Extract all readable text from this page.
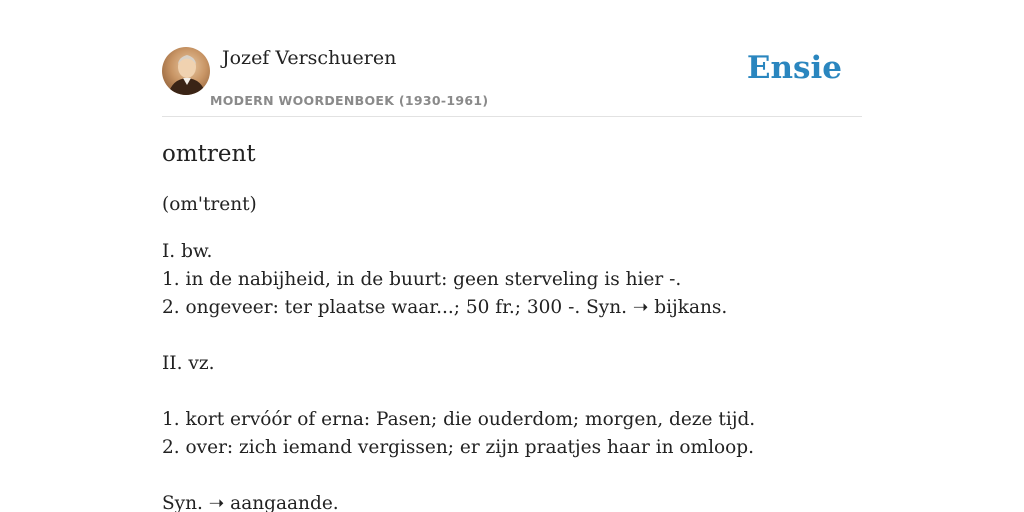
Jozef Verschueren
MODERN WOORDENBOEK (1930-1961)
Ensie
omtrent
(om'trent)
I. bw.
1. in de nabijheid, in de buurt: geen sterveling is hier -.
2. ongeveer: ter plaatse waar...; 50 fr.; 300 -. Syn. ➝ bijkans.
II. vz.
1. kort ervóór of erna: Pasen; die ouderdom; morgen, deze tijd.
2. over: zich iemand vergissen; er zijn praatjes haar in omloop.
Syn. ➝ aangaande.
